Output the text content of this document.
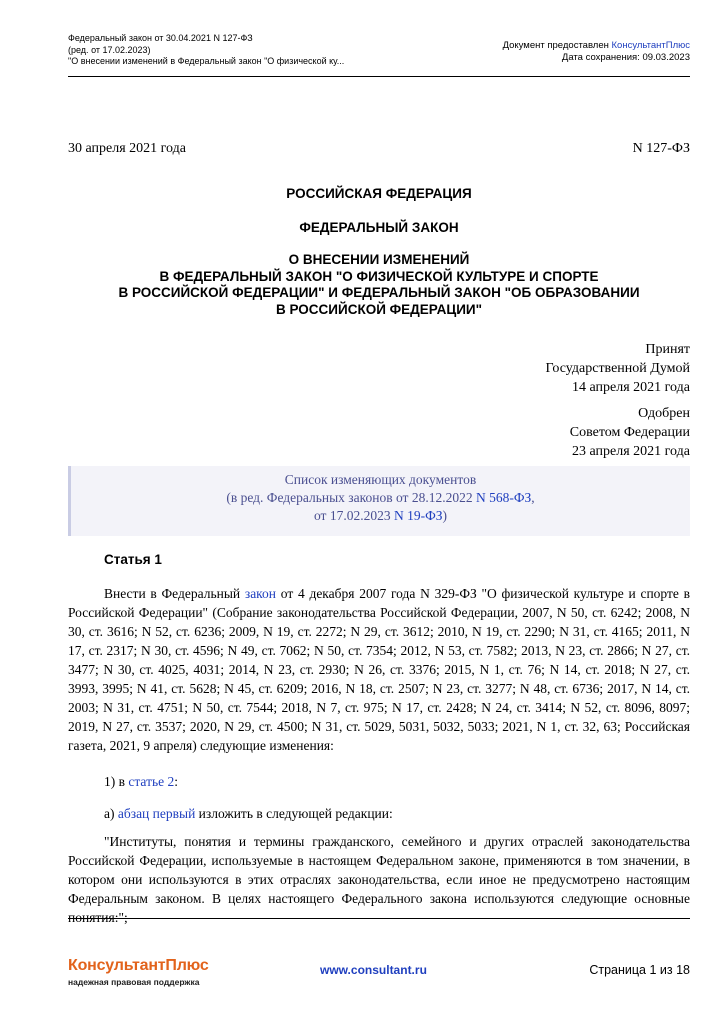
Федеральный закон от 30.04.2021 N 127-ФЗ
(ред. от 17.02.2023)
"О внесении изменений в Федеральный закон "О физической ку...
Документ предоставлен КонсультантПлюс
Дата сохранения: 09.03.2023
30 апреля 2021 года	N 127-ФЗ
РОССИЙСКАЯ ФЕДЕРАЦИЯ
ФЕДЕРАЛЬНЫЙ ЗАКОН
О ВНЕСЕНИИ ИЗМЕНЕНИЙ
В ФЕДЕРАЛЬНЫЙ ЗАКОН "О ФИЗИЧЕСКОЙ КУЛЬТУРЕ И СПОРТЕ
В РОССИЙСКОЙ ФЕДЕРАЦИИ" И ФЕДЕРАЛЬНЫЙ ЗАКОН "ОБ ОБРАЗОВАНИИ
В РОССИЙСКОЙ ФЕДЕРАЦИИ"
Принят
Государственной Думой
14 апреля 2021 года
Одобрен
Советом Федерации
23 апреля 2021 года
Список изменяющих документов
(в ред. Федеральных законов от 28.12.2022 N 568-ФЗ,
от 17.02.2023 N 19-ФЗ)
Статья 1
Внести в Федеральный закон от 4 декабря 2007 года N 329-ФЗ "О физической культуре и спорте в Российской Федерации" (Собрание законодательства Российской Федерации, 2007, N 50, ст. 6242; 2008, N 30, ст. 3616; N 52, ст. 6236; 2009, N 19, ст. 2272; N 29, ст. 3612; 2010, N 19, ст. 2290; N 31, ст. 4165; 2011, N 17, ст. 2317; N 30, ст. 4596; N 49, ст. 7062; N 50, ст. 7354; 2012, N 53, ст. 7582; 2013, N 23, ст. 2866; N 27, ст. 3477; N 30, ст. 4025, 4031; 2014, N 23, ст. 2930; N 26, ст. 3376; 2015, N 1, ст. 76; N 14, ст. 2018; N 27, ст. 3993, 3995; N 41, ст. 5628; N 45, ст. 6209; 2016, N 18, ст. 2507; N 23, ст. 3277; N 48, ст. 6736; 2017, N 14, ст. 2003; N 31, ст. 4751; N 50, ст. 7544; 2018, N 7, ст. 975; N 17, ст. 2428; N 24, ст. 3414; N 52, ст. 8096, 8097; 2019, N 27, ст. 3537; 2020, N 29, ст. 4500; N 31, ст. 5029, 5031, 5032, 5033; 2021, N 1, ст. 32, 63; Российская газета, 2021, 9 апреля) следующие изменения:
1) в статье 2:
а) абзац первый изложить в следующей редакции:
"Институты, понятия и термины гражданского, семейного и других отраслей законодательства Российской Федерации, используемые в настоящем Федеральном законе, применяются в том значении, в котором они используются в этих отраслях законодательства, если иное не предусмотрено настоящим Федеральным законом. В целях настоящего Федерального закона используются следующие основные понятия:";
КонсультантПлюс
надежная правовая поддержка
www.consultant.ru	Страница 1 из 18
